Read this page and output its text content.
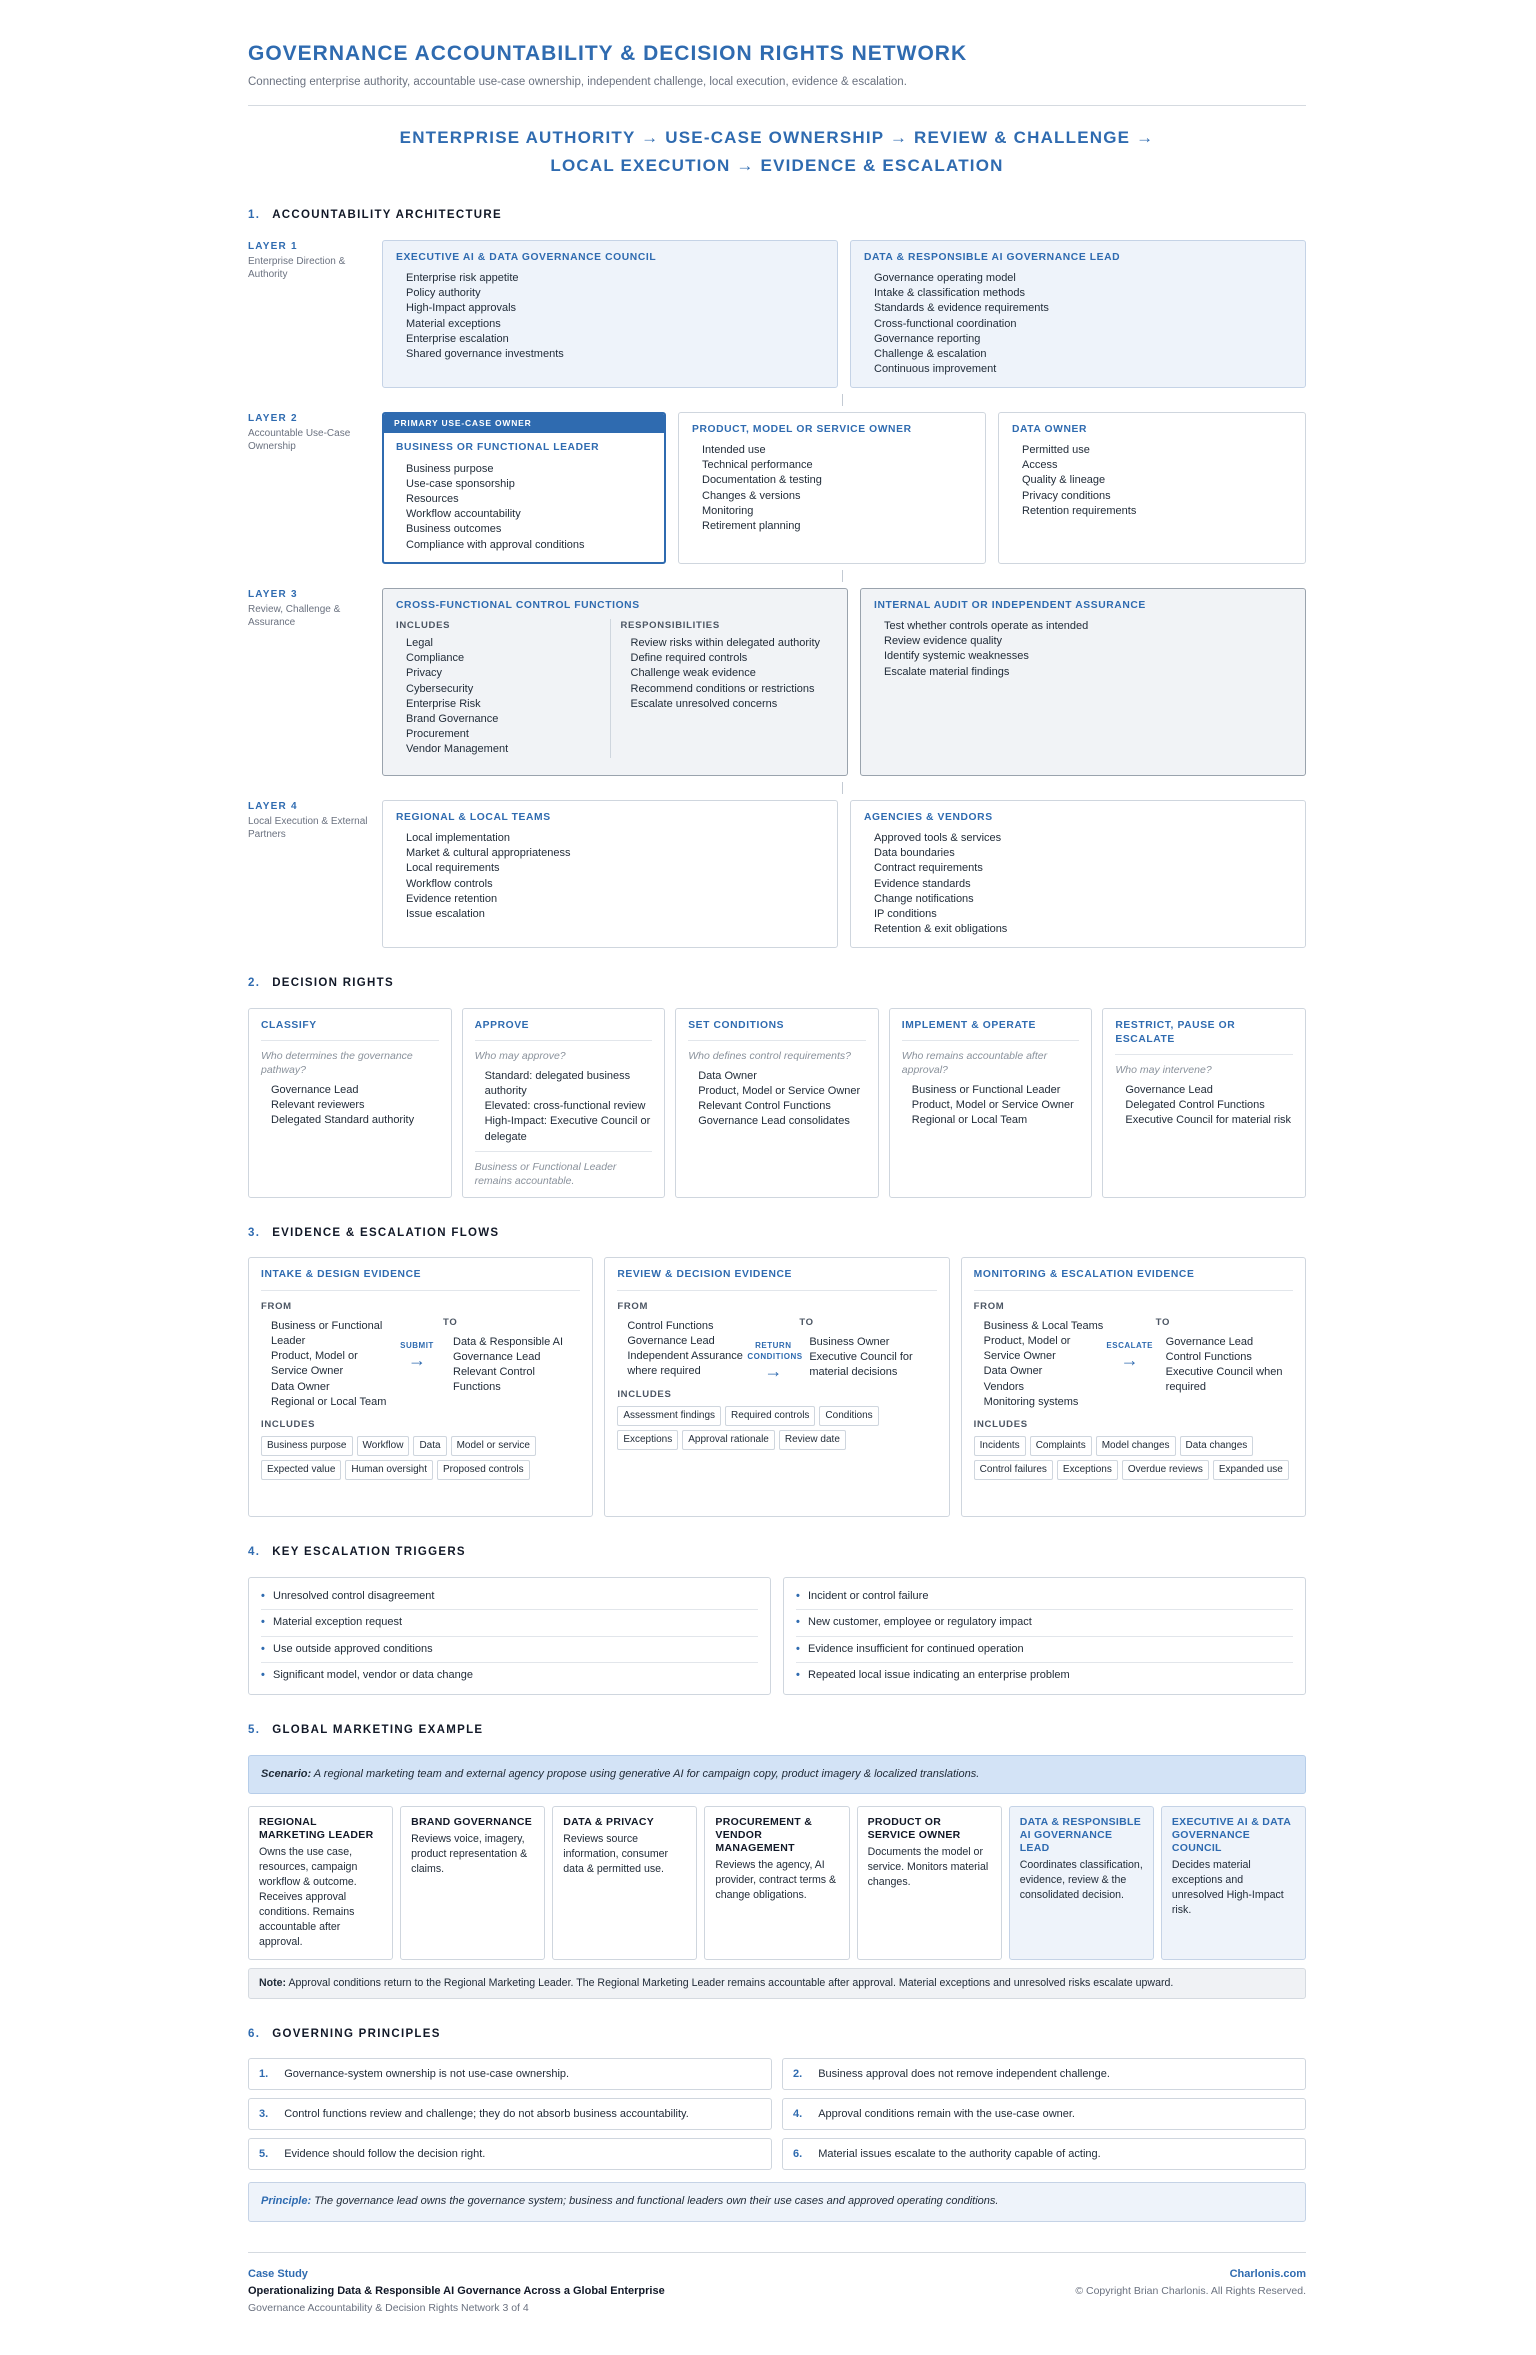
GOVERNANCE ACCOUNTABILITY & DECISION RIGHTS NETWORK
Connecting enterprise authority, accountable use-case ownership, independent challenge, local execution, evidence & escalation.
ENTERPRISE AUTHORITY → USE-CASE OWNERSHIP → REVIEW & CHALLENGE →
LOCAL EXECUTION → EVIDENCE & ESCALATION
1. ACCOUNTABILITY ARCHITECTURE
LAYER 1
Enterprise Direction & Authority
EXECUTIVE AI & DATA GOVERNANCE COUNCIL
Enterprise risk appetite
Policy authority
High-Impact approvals
Material exceptions
Enterprise escalation
Shared governance investments
DATA & RESPONSIBLE AI GOVERNANCE LEAD
Governance operating model
Intake & classification methods
Standards & evidence requirements
Cross-functional coordination
Governance reporting
Challenge & escalation
Continuous improvement
LAYER 2
Accountable Use-Case Ownership
PRIMARY USE-CASE OWNER
BUSINESS OR FUNCTIONAL LEADER
Business purpose
Use-case sponsorship
Resources
Workflow accountability
Business outcomes
Compliance with approval conditions
PRODUCT, MODEL OR SERVICE OWNER
Intended use
Technical performance
Documentation & testing
Changes & versions
Monitoring
Retirement planning
DATA OWNER
Permitted use
Access
Quality & lineage
Privacy conditions
Retention requirements
LAYER 3
Review, Challenge & Assurance
CROSS-FUNCTIONAL CONTROL FUNCTIONS
INCLUDES
Legal
Compliance
Privacy
Cybersecurity
Enterprise Risk
Brand Governance
Procurement
Vendor Management
RESPONSIBILITIES
Review risks within delegated authority
Define required controls
Challenge weak evidence
Recommend conditions or restrictions
Escalate unresolved concerns
INTERNAL AUDIT OR INDEPENDENT ASSURANCE
Test whether controls operate as intended
Review evidence quality
Identify systemic weaknesses
Escalate material findings
LAYER 4
Local Execution & External Partners
REGIONAL & LOCAL TEAMS
Local implementation
Market & cultural appropriateness
Local requirements
Workflow controls
Evidence retention
Issue escalation
AGENCIES & VENDORS
Approved tools & services
Data boundaries
Contract requirements
Evidence standards
Change notifications
IP conditions
Retention & exit obligations
2. DECISION RIGHTS
CLASSIFY
Who determines the governance pathway?
Governance Lead
Relevant reviewers
Delegated Standard authority
APPROVE
Who may approve?
Standard: delegated business authority
Elevated: cross-functional review
High-Impact: Executive Council or delegate
Business or Functional Leader remains accountable.
SET CONDITIONS
Who defines control requirements?
Data Owner
Product, Model or Service Owner
Relevant Control Functions
Governance Lead consolidates
IMPLEMENT & OPERATE
Who remains accountable after approval?
Business or Functional Leader
Product, Model or Service Owner
Regional or Local Team
RESTRICT, PAUSE OR ESCALATE
Who may intervene?
Governance Lead
Delegated Control Functions
Executive Council for material risk
3. EVIDENCE & ESCALATION FLOWS
INTAKE & DESIGN EVIDENCE
FROM
Business or Functional Leader
Product, Model or Service Owner
Data Owner
Regional or Local Team
SUBMIT
→
TO
Data & Responsible AI Governance Lead
Relevant Control Functions
INCLUDES
Business purpose	Workflow	Data	Model or service
Expected value	Human oversight	Proposed controls
REVIEW & DECISION EVIDENCE
FROM
Control Functions
Governance Lead
Independent Assurance where required
RETURN CONDITIONS
→
TO
Business Owner
Executive Council for material decisions
INCLUDES
Assessment findings	Required controls	Conditions
Exceptions	Approval rationale	Review date
MONITORING & ESCALATION EVIDENCE
FROM
Business & Local Teams
Product, Model or Service Owner
Data Owner
Vendors
Monitoring systems
ESCALATE
→
TO
Governance Lead
Control Functions
Executive Council when required
INCLUDES
Incidents	Complaints	Model changes	Data changes
Control failures	Exceptions	Overdue reviews	Expanded use
4. KEY ESCALATION TRIGGERS
• Unresolved control disagreement
• Material exception request
• Use outside approved conditions
• Significant model, vendor or data change
• Incident or control failure
• New customer, employee or regulatory impact
• Evidence insufficient for continued operation
• Repeated local issue indicating an enterprise problem
5. GLOBAL MARKETING EXAMPLE
Scenario: A regional marketing team and external agency propose using generative AI for campaign copy, product imagery & localized translations.
REGIONAL MARKETING LEADER
Owns the use case, resources, campaign workflow & outcome. Receives approval conditions. Remains accountable after approval.
BRAND GOVERNANCE
Reviews voice, imagery, product representation & claims.
DATA & PRIVACY
Reviews source information, consumer data & permitted use.
PROCUREMENT & VENDOR MANAGEMENT
Reviews the agency, AI provider, contract terms & change obligations.
PRODUCT OR SERVICE OWNER
Documents the model or service. Monitors material changes.
DATA & RESPONSIBLE AI GOVERNANCE LEAD
Coordinates classification, evidence, review & the consolidated decision.
EXECUTIVE AI & DATA GOVERNANCE COUNCIL
Decides material exceptions and unresolved High-Impact risk.
Note: Approval conditions return to the Regional Marketing Leader. The Regional Marketing Leader remains accountable after approval. Material exceptions and unresolved risks escalate upward.
6. GOVERNING PRINCIPLES
1. Governance-system ownership is not use-case ownership.	2. Business approval does not remove independent challenge.
3. Control functions review and challenge; they do not absorb business accountability.	4. Approval conditions remain with the use-case owner.
5. Evidence should follow the decision right.	6. Material issues escalate to the authority capable of acting.
Principle: The governance lead owns the governance system; business and functional leaders own their use cases and approved operating conditions.
Case Study
Operationalizing Data & Responsible AI Governance Across a Global Enterprise
Governance Accountability & Decision Rights Network 3 of 4
Charlonis.com
© Copyright Brian Charlonis. All Rights Reserved.
